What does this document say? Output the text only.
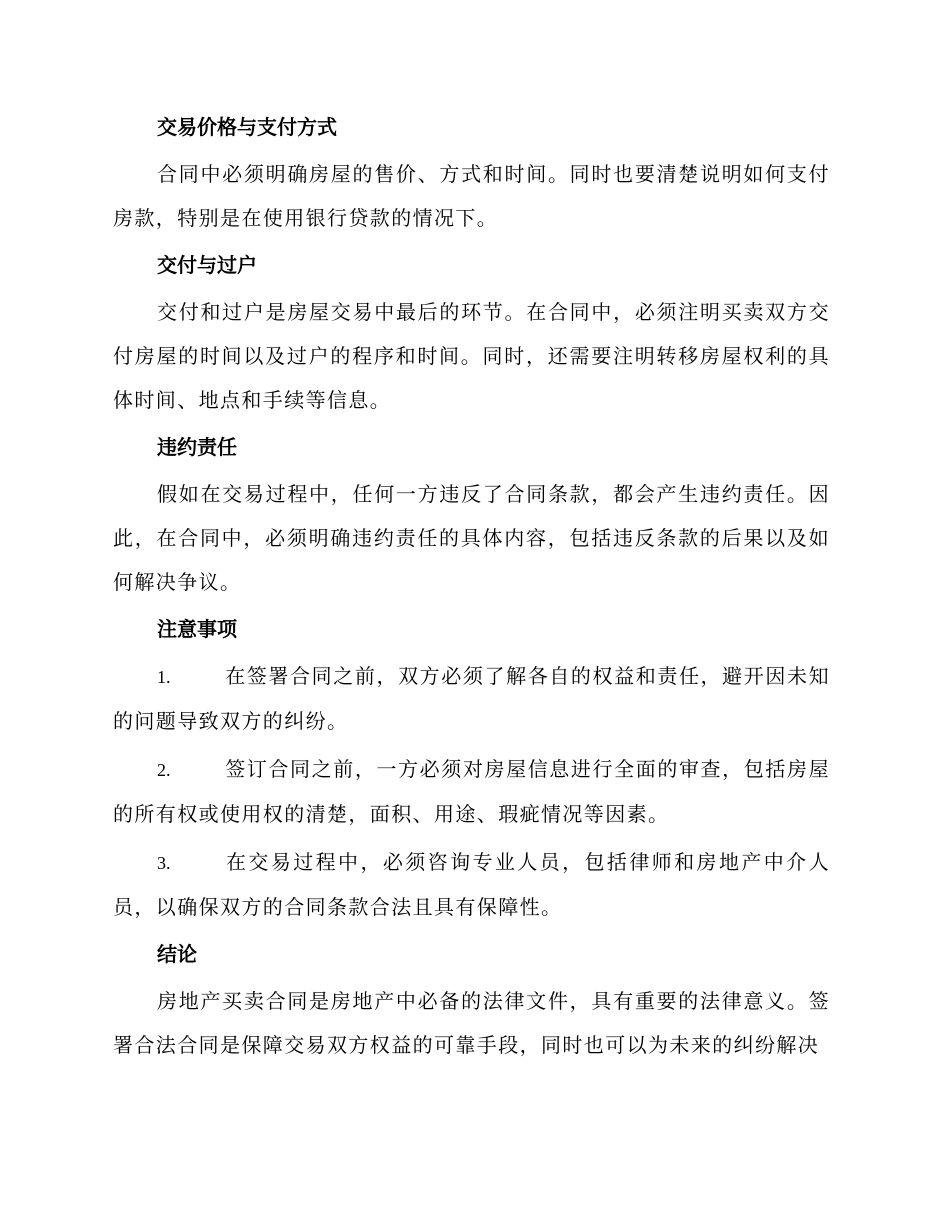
交易价格与支付方式

合同中必须明确房屋的售价、方式和时间。同时也要清楚说明如何支付房款，特别是在使用银行贷款的情况下。

交付与过户

交付和过户是房屋交易中最后的环节。在合同中，必须注明买卖双方交付房屋的时间以及过户的程序和时间。同时，还需要注明转移房屋权利的具体时间、地点和手续等信息。

违约责任

假如在交易过程中，任何一方违反了合同条款，都会产生违约责任。因此，在合同中，必须明确违约责任的具体内容，包括违反条款的后果以及如何解决争议。

注意事项

1.	在签署合同之前，双方必须了解各自的权益和责任，避开因未知的问题导致双方的纠纷。

2.	签订合同之前，一方必须对房屋信息进行全面的审查，包括房屋的所有权或使用权的清楚，面积、用途、瑕疵情况等因素。

3.	在交易过程中，必须咨询专业人员，包括律师和房地产中介人员，以确保双方的合同条款合法且具有保障性。

结论

房地产买卖合同是房地产中必备的法律文件，具有重要的法律意义。签署合法合同是保障交易双方权益的可靠手段，同时也可以为未来的纠纷解决
